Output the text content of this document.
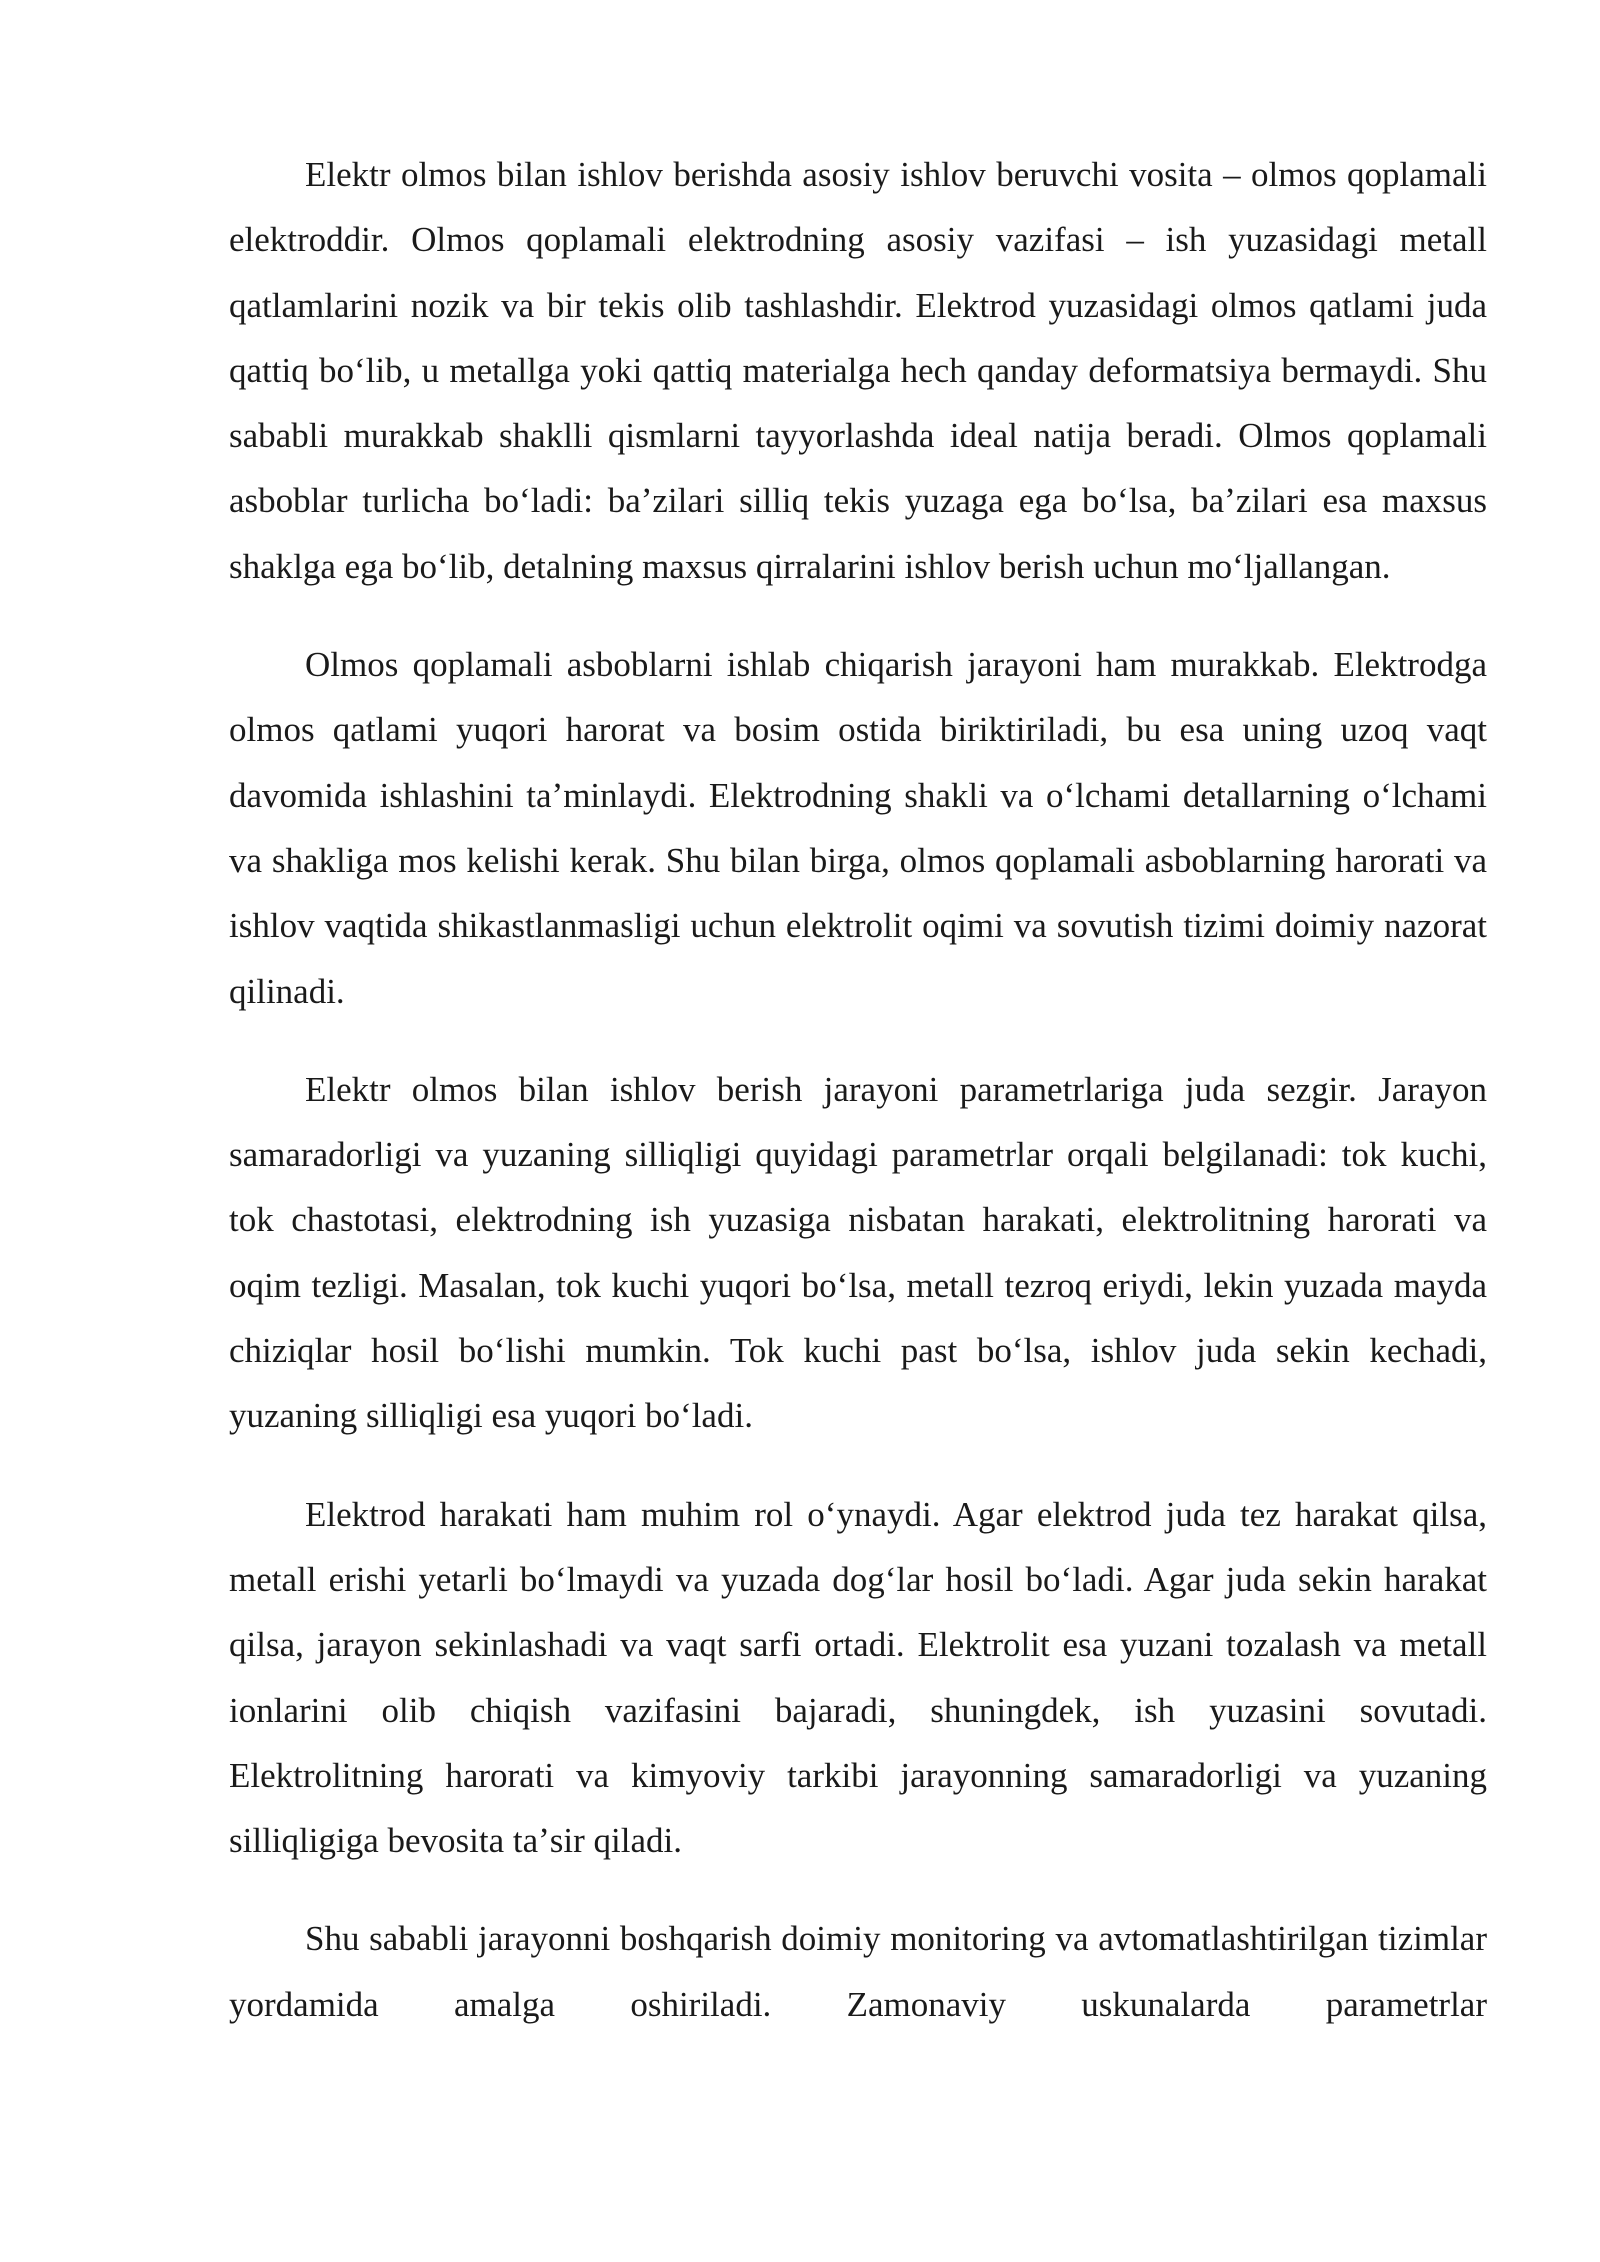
Elektr olmos bilan ishlov berishda asosiy ishlov beruvchi vosita – olmos qoplamali elektroddir. Olmos qoplamali elektrodning asosiy vazifasi – ish yuzasidagi metall qatlamlarini nozik va bir tekis olib tashlashdir. Elektrod yuzasidagi olmos qatlami juda qattiq boʻlib, u metallga yoki qattiq materialga hech qanday deformatsiya bermaydi. Shu sababli murakkab shaklli qismlarni tayyorlashda ideal natija beradi. Olmos qoplamali asboblar turlicha boʻladi: baʼzilari silliq tekis yuzaga ega boʻlsa, baʼzilari esa maxsus shaklga ega boʻlib, detalning maxsus qirralarini ishlov berish uchun moʻljallangan.

Olmos qoplamali asboblarni ishlab chiqarish jarayoni ham murakkab. Elektrodga olmos qatlami yuqori harorat va bosim ostida biriktiriladi, bu esa uning uzoq vaqt davomida ishlashini taʼminlaydi. Elektrodning shakli va oʻlchami detallarning oʻlchami va shakliga mos kelishi kerak. Shu bilan birga, olmos qoplamali asboblarning harorati va ishlov vaqtida shikastlanmasligi uchun elektrolit oqimi va sovutish tizimi doimiy nazorat qilinadi.

Elektr olmos bilan ishlov berish jarayoni parametrlariga juda sezgir. Jarayon samaradorligi va yuzaning silliqligi quyidagi parametrlar orqali belgilanadi: tok kuchi, tok chastotasi, elektrodning ish yuzasiga nisbatan harakati, elektrolitning harorati va oqim tezligi. Masalan, tok kuchi yuqori boʻlsa, metall tezroq eriydi, lekin yuzada mayda chiziqlar hosil boʻlishi mumkin. Tok kuchi past boʻlsa, ishlov juda sekin kechadi, yuzaning silliqligi esa yuqori boʻladi.

Elektrod harakati ham muhim rol oʻynaydi. Agar elektrod juda tez harakat qilsa, metall erishi yetarli boʻlmaydi va yuzada dogʻlar hosil boʻladi. Agar juda sekin harakat qilsa, jarayon sekinlashadi va vaqt sarfi ortadi. Elektrolit esa yuzani tozalash va metall ionlarini olib chiqish vazifasini bajaradi, shuningdek, ish yuzasini sovutadi. Elektrolitning harorati va kimyoviy tarkibi jarayonning samaradorligi va yuzaning silliqligiga bevosita taʼsir qiladi.

Shu sababli jarayonni boshqarish doimiy monitoring va avtomatlashtirilgan tizimlar yordamida amalga oshiriladi. Zamonaviy uskunalarda parametrlar
